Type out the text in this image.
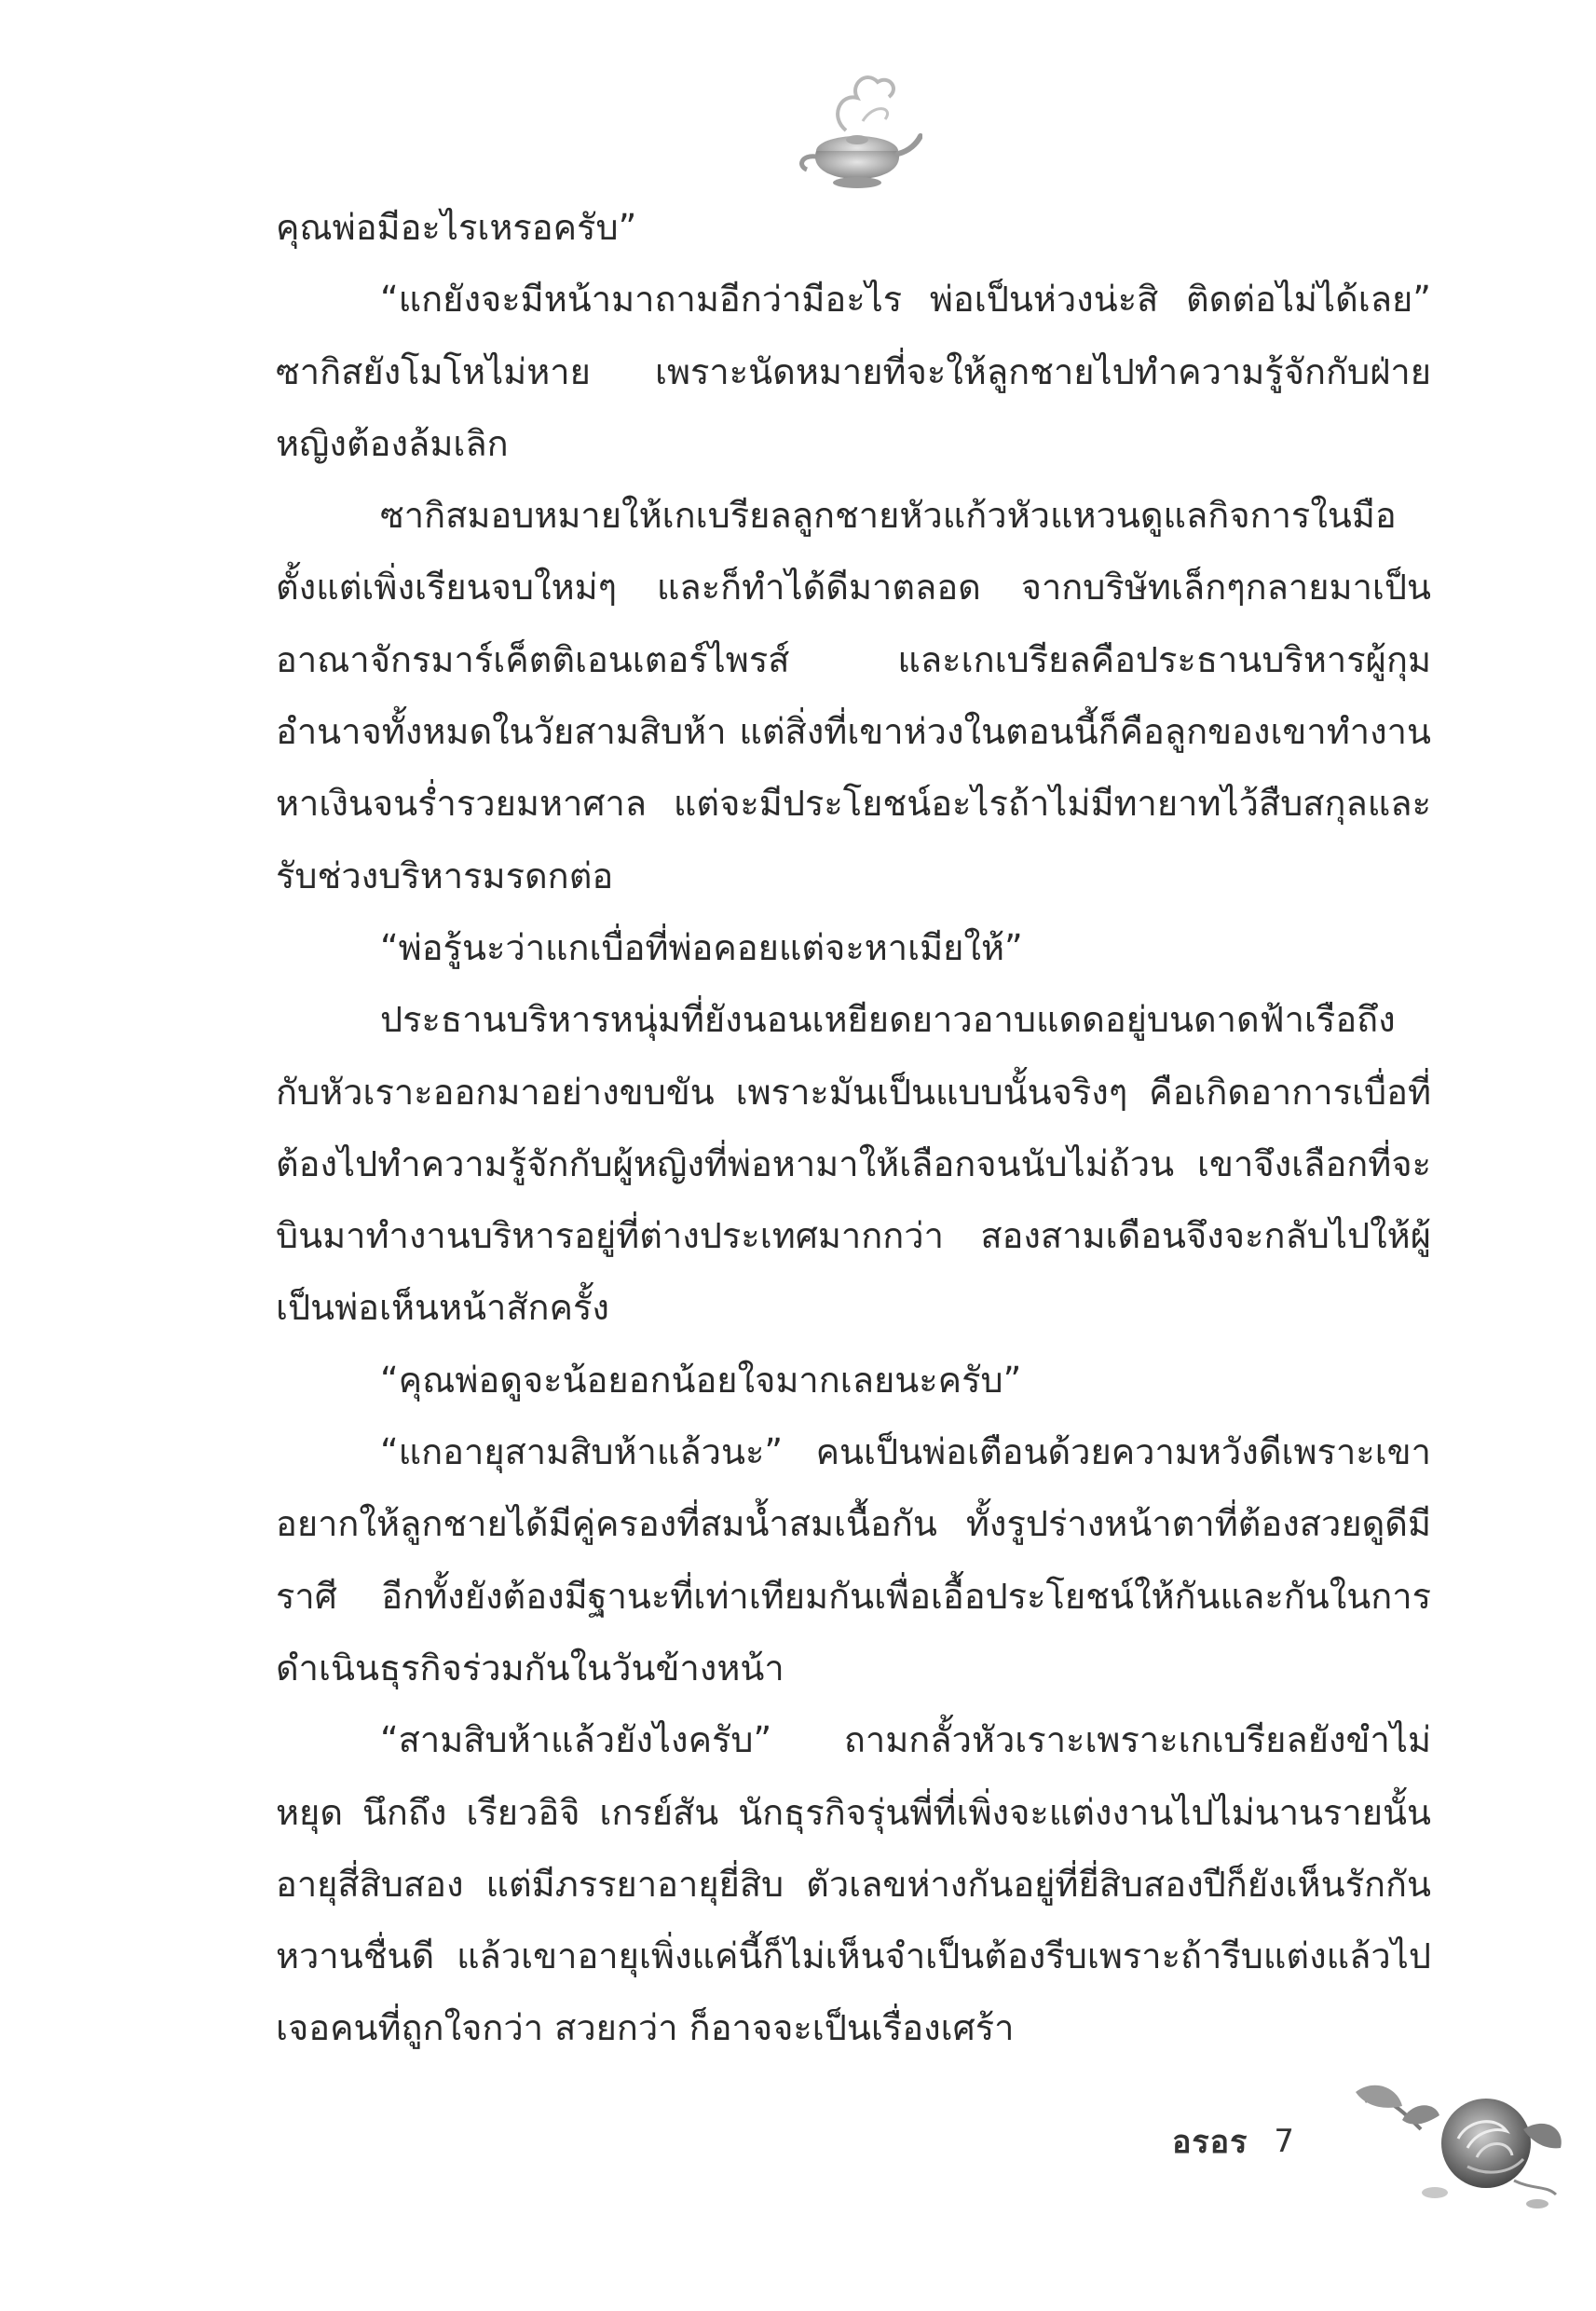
คุณพ่อมีอะไรเหรอครับ”

“แกยังจะมีหน้ามาถามอีกว่ามีอะไร พ่อเป็นห่วงน่ะสิ ติดต่อไม่ได้เลย” ซากิสยังโมโหไม่หาย เพราะนัดหมายที่จะให้ลูกชายไปทำความรู้จักกับฝ่ายหญิงต้องล้มเลิก

ซากิสมอบหมายให้เกเบรียลลูกชายหัวแก้วหัวแหวนดูแลกิจการในมือตั้งแต่เพิ่งเรียนจบใหม่ๆ และก็ทำได้ดีมาตลอด จากบริษัทเล็กๆกลายมาเป็นอาณาจักรมาร์เค็ตติเอนเตอร์ไพรส์ และเกเบรียลคือประธานบริหารผู้กุมอำนาจทั้งหมดในวัยสามสิบห้า แต่สิ่งที่เขาห่วงในตอนนี้ก็คือลูกของเขาทำงานหาเงินจนร่ำรวยมหาศาล แต่จะมีประโยชน์อะไรถ้าไม่มีทายาทไว้สืบสกุลและรับช่วงบริหารมรดกต่อ

“พ่อรู้นะว่าแกเบื่อที่พ่อคอยแต่จะหาเมียให้”

ประธานบริหารหนุ่มที่ยังนอนเหยียดยาวอาบแดดอยู่บนดาดฟ้าเรือถึงกับหัวเราะออกมาอย่างขบขัน เพราะมันเป็นแบบนั้นจริงๆ คือเกิดอาการเบื่อที่ต้องไปทำความรู้จักกับผู้หญิงที่พ่อหามาให้เลือกจนนับไม่ถ้วน เขาจึงเลือกที่จะบินมาทำงานบริหารอยู่ที่ต่างประเทศมากกว่า สองสามเดือนจึงจะกลับไปให้ผู้เป็นพ่อเห็นหน้าสักครั้ง

“คุณพ่อดูจะน้อยอกน้อยใจมากเลยนะครับ”

“แกอายุสามสิบห้าแล้วนะ” คนเป็นพ่อเตือนด้วยความหวังดีเพราะเขาอยากให้ลูกชายได้มีคู่ครองที่สมน้ำสมเนื้อกัน ทั้งรูปร่างหน้าตาที่ต้องสวยดูดีมีราศี อีกทั้งยังต้องมีฐานะที่เท่าเทียมกันเพื่อเอื้อประโยชน์ให้กันและกันในการดำเนินธุรกิจร่วมกันในวันข้างหน้า

“สามสิบห้าแล้วยังไงครับ” ถามกลั้วหัวเราะเพราะเกเบรียลยังขำไม่หยุด นึกถึง เรียวอิจิ เกรย์สัน นักธุรกิจรุ่นพี่ที่เพิ่งจะแต่งงานไปไม่นานรายนั้นอายุสี่สิบสอง แต่มีภรรยาอายุยี่สิบ ตัวเลขห่างกันอยู่ที่ยี่สิบสองปีก็ยังเห็นรักกันหวานชื่นดี แล้วเขาอายุเพิ่งแค่นี้ก็ไม่เห็นจำเป็นต้องรีบเพราะถ้ารีบแต่งแล้วไปเจอคนที่ถูกใจกว่า สวยกว่า ก็อาจจะเป็นเรื่องเศร้า

อรอร 7
